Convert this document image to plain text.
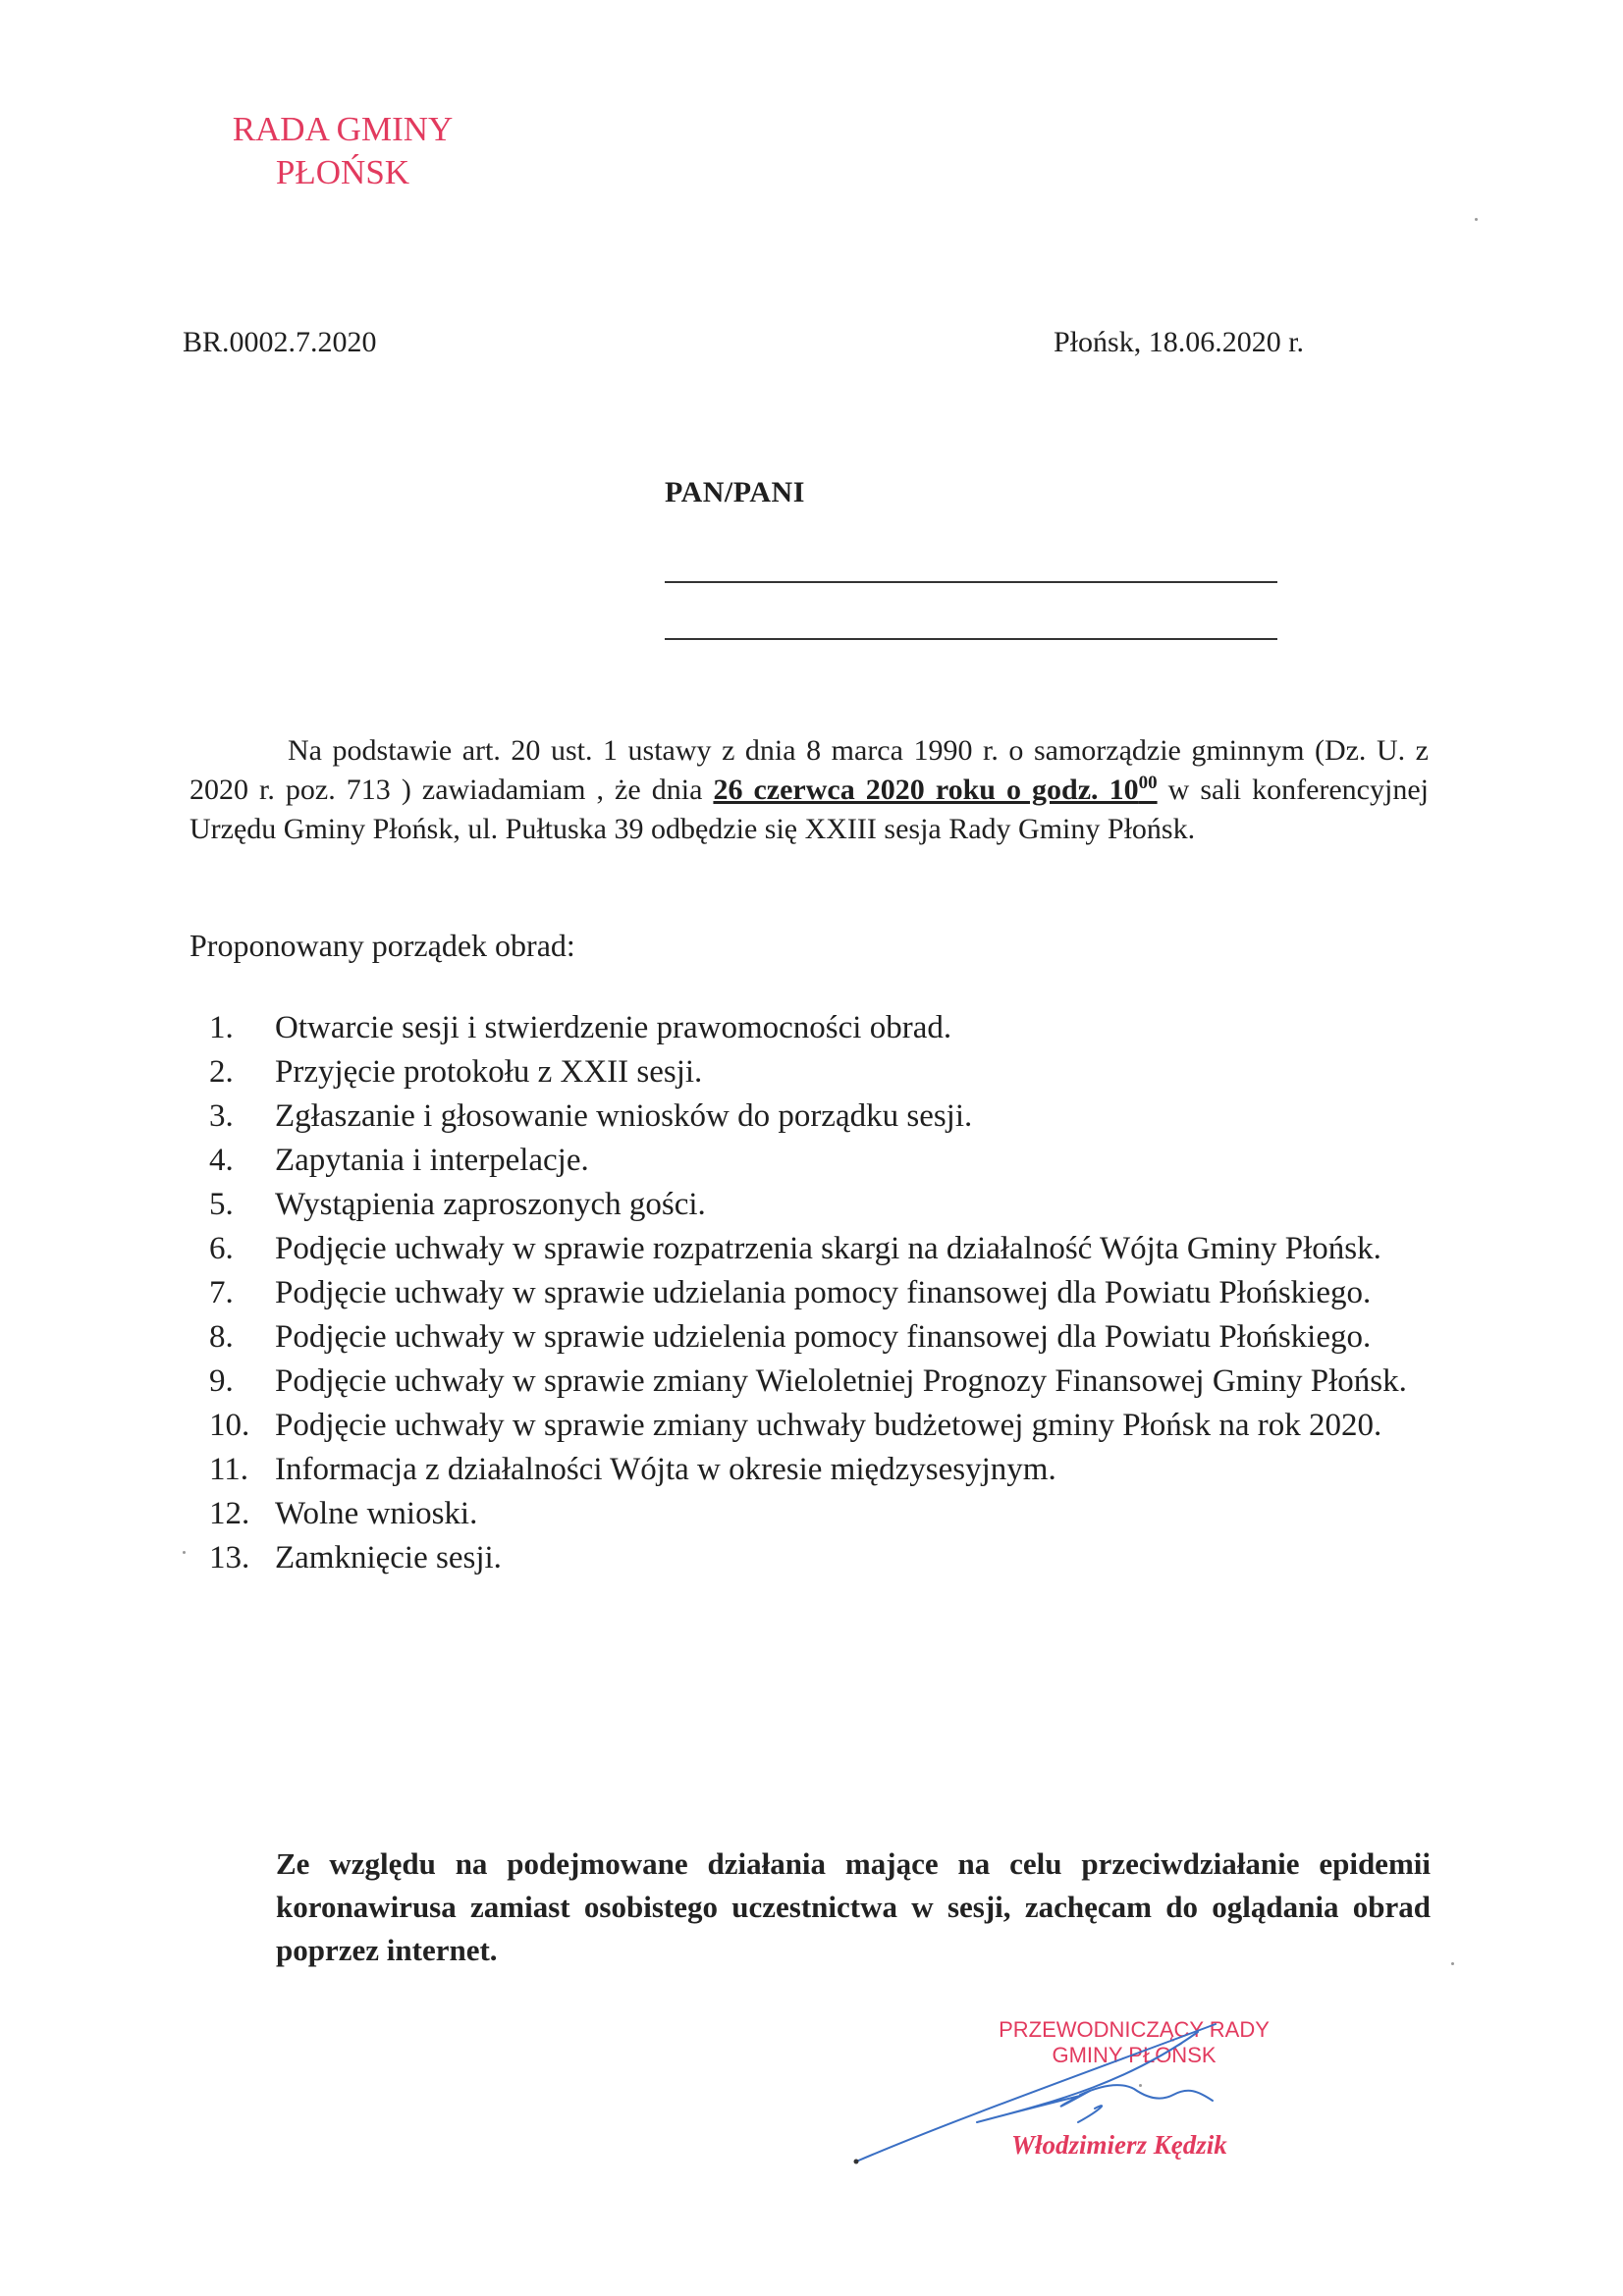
RADA GMINY
PŁOŃSK
BR.0002.7.2020	Płońsk, 18.06.2020 r.
PAN/PANI
Na podstawie art. 20 ust. 1 ustawy z dnia 8 marca 1990 r. o samorządzie gminnym (Dz. U. z 2020 r. poz. 713 ) zawiadamiam , że dnia 26 czerwca 2020 roku o godz. $10^{00}$ w sali konferencyjnej Urzędu Gminy Płońsk, ul. Pułtuska 39 odbędzie się XXIII sesja Rady Gminy Płońsk.
Proponowany porządek obrad:
1.	Otwarcie sesji i stwierdzenie prawomocności obrad.
2.	Przyjęcie protokołu z XXII sesji.
3.	Zgłaszanie i głosowanie wniosków do porządku sesji.
4.	Zapytania i interpelacje.
5.	Wystąpienia zaproszonych gości.
6.	Podjęcie uchwały w sprawie rozpatrzenia skargi na działalność Wójta Gminy Płońsk.
7.	Podjęcie uchwały w sprawie udzielania pomocy finansowej dla Powiatu Płońskiego.
8.	Podjęcie uchwały w sprawie udzielenia pomocy finansowej dla Powiatu Płońskiego.
9.	Podjęcie uchwały w sprawie zmiany Wieloletniej Prognozy Finansowej Gminy Płońsk.
10. Podjęcie uchwały w sprawie zmiany uchwały budżetowej gminy Płońsk na rok 2020.
11. Informacja z działalności Wójta w okresie międzysesyjnym.
12. Wolne wnioski.
13. Zamknięcie sesji.
Ze względu na podejmowane działania mające na celu przeciwdziałanie epidemii koronawirusa zamiast osobistego uczestnictwa w sesji, zachęcam do oglądania obrad poprzez internet.
PRZEWODNICZĄCY RADY
GMINY PŁOŃSK
Włodzimierz Kędzik
